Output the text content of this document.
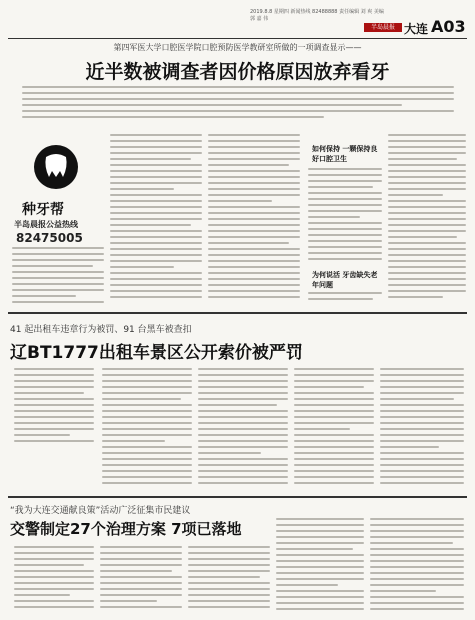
2019.8.8 星期四 新闻热线 82488888 责任编辑 刘 爽 美编 郭 嘉 伟
半岛晨报 大连 A03
第四军医大学口腔医学院口腔预防医学教研室所做的一项调查显示——
近半数被调查者因价格原因放弃看牙
种牙帮
半岛晨报公益热线
82475005
如何保持 一颗保持良好口腔卫生
为何说活 牙齿缺失老年问题
41 起出租车违章行为被罚、91 台黑车被查扣
辽BT1777出租车景区公开索价被严罚
“我为大连交通献良策”活动广泛征集市民建议
交警制定27个治理方案 7项已落地
